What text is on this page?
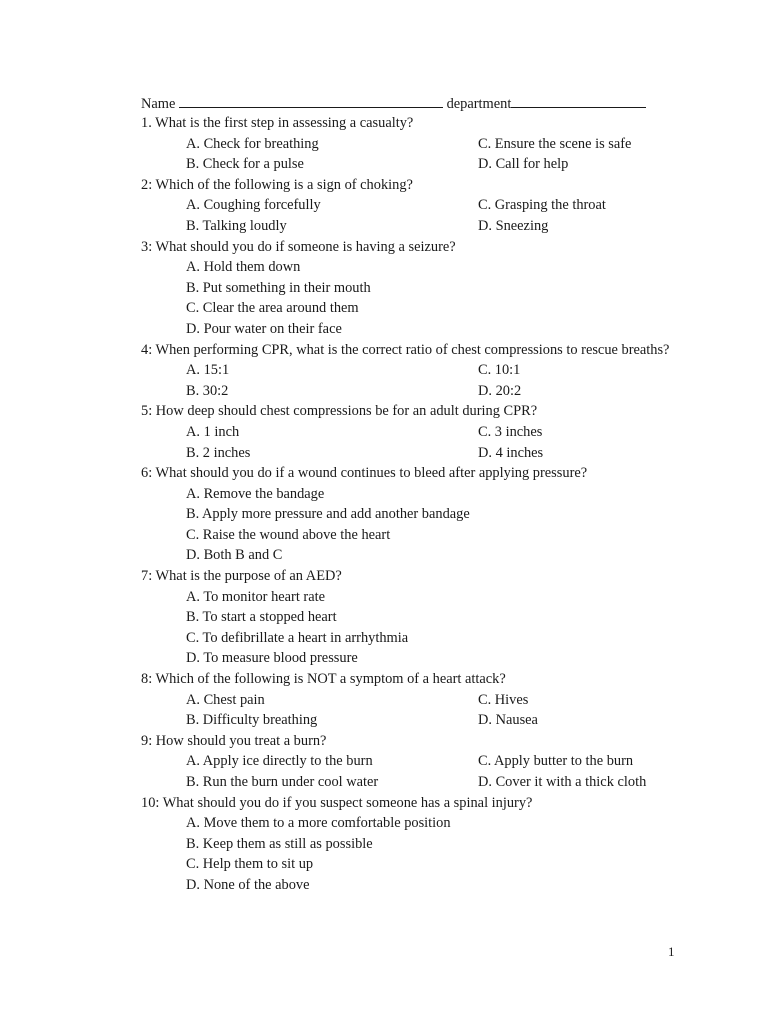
Name	department
1. What is the first step in assessing a casualty?
A. Check for breathing	C. Ensure the scene is safe
B. Check for a pulse	D. Call for help
2: Which of the following is a sign of choking?
A. Coughing forcefully	C. Grasping the throat
B. Talking loudly	D. Sneezing
3: What should you do if someone is having a seizure?
A. Hold them down
B. Put something in their mouth
C. Clear the area around them
D. Pour water on their face
4: When performing CPR, what is the correct ratio of chest compressions to rescue breaths?
A. 15:1	C. 10:1
B. 30:2	D. 20:2
5: How deep should chest compressions be for an adult during CPR?
A. 1 inch	C. 3 inches
B. 2 inches	D. 4 inches
6: What should you do if a wound continues to bleed after applying pressure?
A. Remove the bandage
B. Apply more pressure and add another bandage
C. Raise the wound above the heart
D. Both B and C
7: What is the purpose of an AED?
A. To monitor heart rate
B. To start a stopped heart
C. To defibrillate a heart in arrhythmia
D. To measure blood pressure
8: Which of the following is NOT a symptom of a heart attack?
A. Chest pain	C. Hives
B. Difficulty breathing	D. Nausea
9: How should you treat a burn?
A. Apply ice directly to the burn	C. Apply butter to the burn
B. Run the burn under cool water	D. Cover it with a thick cloth
10: What should you do if you suspect someone has a spinal injury?
A. Move them to a more comfortable position
B. Keep them as still as possible
C. Help them to sit up
D. None of the above
1
